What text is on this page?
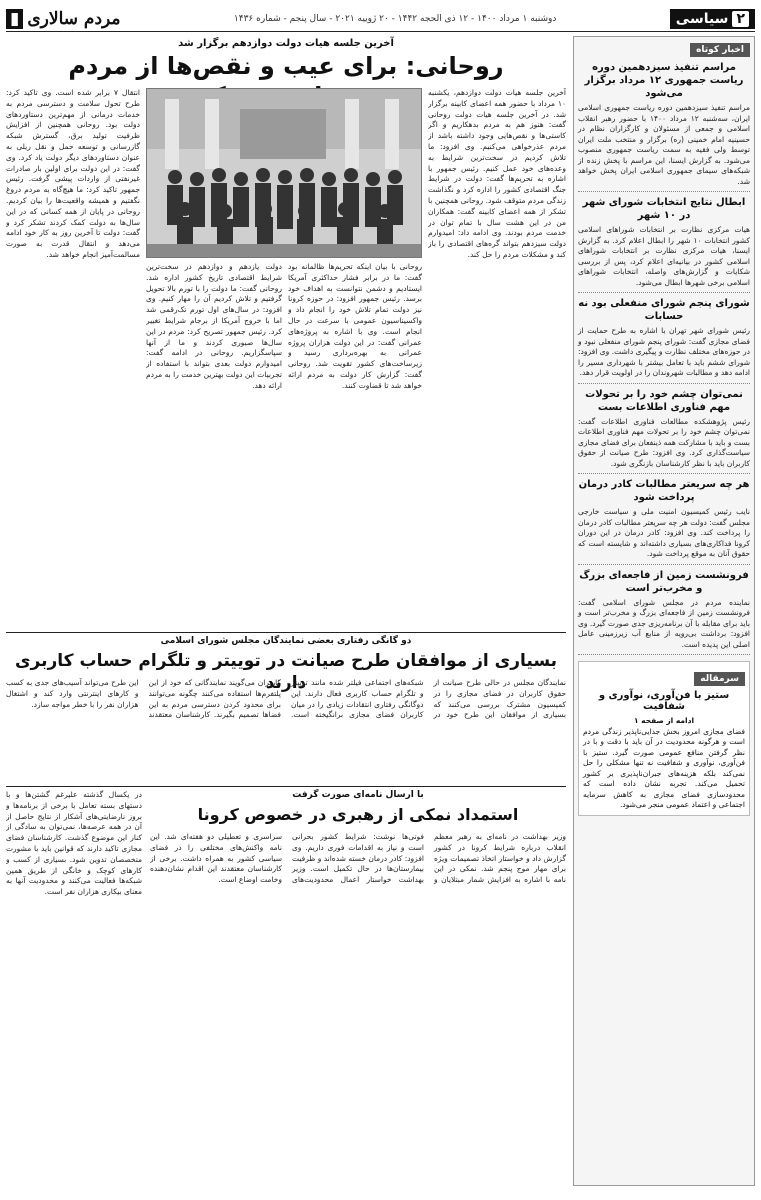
۲
سیاسی
دوشنبه ۱ مرداد ۱۴۰۰ - ۱۲ ذی الحجه ۱۴۴۲ - ۲۰ ژوییه ۲۰۲۱ - سال پنجم - شماره ۱۴۳۶
مردم سالاری
▮
اخبار کوتاه
مراسم تنفیذ سیزدهمین دوره ریاست جمهوری ۱۲ مرداد برگزار می‌شود

مراسم تنفیذ سیزدهمین دوره ریاست جمهوری اسلامی ایران، سه‌شنبه ۱۲ مرداد ۱۴۰۰ با حضور رهبر انقلاب اسلامی و جمعی از مسئولان و کارگزاران نظام در حسینیه امام خمینی (ره) برگزار و منتخب ملت ایران توسط ولی فقیه به سمت ریاست جمهوری منصوب می‌شود. به گزارش ایسنا، این مراسم با پخش زنده از شبکه‌های سیمای جمهوری اسلامی ایران پخش خواهد شد.

ابطال نتایج انتخابات شورای شهر در ۱۰ شهر

هیات مرکزی نظارت بر انتخابات شوراهای اسلامی کشور انتخابات ۱۰ شهر را ابطال اعلام کرد. به گزارش ایسنا، هیات مرکزی نظارت بر انتخابات شوراهای اسلامی کشور در بیانیه‌ای اعلام کرد، پس از بررسی شکایات و گزارش‌های واصله، انتخابات شوراهای اسلامی برخی شهرها ابطال می‌شود.

شورای پنجم شورای منفعلی بود نه حسابات

رئیس شورای شهر تهران با اشاره به طرح حمایت از فضای مجازی گفت: شورای پنجم شورای منفعلی نبود و در حوزه‌های مختلف نظارت و پیگیری داشت. وی افزود: شورای ششم باید با تعامل بیشتر با شهرداری مسیر را ادامه دهد و مطالبات شهروندان را در اولویت قرار دهد.

نمی‌توان چشم خود را بر تحولات مهم فناوری اطلاعات بست

رئیس پژوهشکده مطالعات فناوری اطلاعات گفت: نمی‌توان چشم خود را بر تحولات مهم فناوری اطلاعات بست و باید با مشارکت همه ذینفعان برای فضای مجازی سیاست‌گذاری کرد. وی افزود: طرح صیانت از حقوق کاربران باید با نظر کارشناسان بازنگری شود.

هر چه سریعتر مطالبات کادر درمان پرداخت شود

نایب رئیس کمیسیون امنیت ملی و سیاست خارجی مجلس گفت: دولت هر چه سریعتر مطالبات کادر درمان را پرداخت کند. وی افزود: کادر درمان در این دوران کرونا فداکاری‌های بسیاری داشته‌اند و شایسته است که حقوق آنان به موقع پرداخت شود.

فرونشست زمین از فاجعه‌ای بزرگ و مخرب‌تر است

نماینده مردم در مجلس شورای اسلامی گفت: فرونشست زمین از فاجعه‌ای بزرگ و مخرب‌تر است و باید برای مقابله با آن برنامه‌ریزی جدی صورت گیرد. وی افزود: برداشت بی‌رویه از منابع آب زیرزمینی عامل اصلی این پدیده است.

سرمقاله
ستیز با فن‌آوری، نوآوری و شفافیت

ادامه از صفحه ۱

فضای مجازی امروز بخش جدایی‌ناپذیر زندگی مردم است و هرگونه محدودیت در آن باید با دقت و با در نظر گرفتن منافع عمومی صورت گیرد. ستیز با فن‌آوری، نوآوری و شفافیت نه تنها مشکلی را حل نمی‌کند بلکه هزینه‌های جبران‌ناپذیری بر کشور تحمیل می‌کند. تجربه نشان داده است که محدودسازی فضای مجازی به کاهش سرمایه اجتماعی و اعتماد عمومی منجر می‌شود.

آخرین جلسه هیات دولت دوازدهم برگزار شد
روحانی: برای عیب و نقص‌ها از مردم
آخرین جلسه هیات دولت دوازدهم، یکشنبه ۱۰ مرداد با حضور همه اعضای کابینه برگزار شد. در آخرین جلسه هیات دولت روحانی گفت: هنوز هم به مردم بدهکاریم و اگر کاستی‌ها و نقص‌هایی وجود داشته باشد از مردم عذرخواهی می‌کنیم. وی افزود: ما تلاش کردیم در سخت‌ترین شرایط به وعده‌های خود عمل کنیم. رئیس جمهور با اشاره به تحریم‌ها گفت: دولت در شرایط جنگ اقتصادی کشور را اداره کرد و نگذاشت زندگی مردم متوقف شود. روحانی همچنین با تشکر از همه اعضای کابینه گفت: همکاران من در این هشت سال با تمام توان در خدمت مردم بودند. وی ادامه داد: امیدوارم دولت سیزدهم بتواند گره‌های اقتصادی را باز کند و مشکلات مردم را حل کند.
انتقال ۷ برابر شده است. وی تاکید کرد: طرح تحول سلامت و دسترسی مردم به خدمات درمانی از مهم‌ترین دستاوردهای دولت بود. روحانی همچنین از افزایش ظرفیت تولید برق، گسترش شبکه گازرسانی و توسعه حمل و نقل ریلی به عنوان دستاوردهای دیگر دولت یاد کرد. وی گفت: در این دولت برای اولین بار صادرات غیرنفتی از واردات پیشی گرفت. رئیس جمهور تاکید کرد: ما هیچ‌گاه به مردم دروغ نگفتیم و همیشه واقعیت‌ها را بیان کردیم. روحانی در پایان از همه کسانی که در این سال‌ها به دولت کمک کردند تشکر کرد و گفت: دولت تا آخرین روز به کار خود ادامه می‌دهد و انتقال قدرت به صورت مسالمت‌آمیز انجام خواهد شد.
روحانی با بیان اینکه تحریم‌ها ظالمانه بود گفت: ما در برابر فشار حداکثری آمریکا ایستادیم و دشمن نتوانست به اهداف خود برسد. رئیس جمهور افزود: در حوزه کرونا نیز دولت تمام تلاش خود را انجام داد و واکسیناسیون عمومی با سرعت در حال انجام است. وی با اشاره به پروژه‌های عمرانی گفت: در این دولت هزاران پروژه عمرانی به بهره‌برداری رسید و زیرساخت‌های کشور تقویت شد. روحانی گفت: گزارش کار دولت به مردم ارائه خواهد شد تا قضاوت کنند.
دولت یازدهم و دوازدهم در سخت‌ترین شرایط اقتصادی تاریخ کشور اداره شد. روحانی گفت: ما دولت را با تورم بالا تحویل گرفتیم و تلاش کردیم آن را مهار کنیم. وی افزود: در سال‌های اول تورم تک‌رقمی شد اما با خروج آمریکا از برجام شرایط تغییر کرد. رئیس جمهور تصریح کرد: مردم در این سال‌ها صبوری کردند و ما از آنها سپاسگزاریم. روحانی در ادامه گفت: امیدوارم دولت بعدی بتواند با استفاده از تجربیات این دولت بهترین خدمت را به مردم ارائه دهد.
دو گانگی رفتاری بعضی نمایندگان مجلس شورای اسلامی
بسیاری از موافقان طرح صیانت در توییتر و تلگرام حساب کاربری دارند	نمایندگان مجلس در حالی طرح صیانت از حقوق کاربران در فضای مجازی را در کمیسیون مشترک بررسی می‌کنند که بسیاری از موافقان این طرح خود در شبکه‌های اجتماعی فیلتر شده مانند توییتر و تلگرام حساب کاربری فعال دارند. این دوگانگی رفتاری انتقادات زیادی را در میان کاربران فضای مجازی برانگیخته است. کاربران می‌گویند نمایندگانی که خود از این پلتفرم‌ها استفاده می‌کنند چگونه می‌توانند برای محدود کردن دسترسی مردم به این فضاها تصمیم بگیرند. کارشناسان معتقدند این طرح می‌تواند آسیب‌های جدی به کسب و کارهای اینترنتی وارد کند و اشتغال هزاران نفر را با خطر مواجه سازد.
با ارسال نامه‌ای صورت گرفت
استمداد نمکی از رهبری در خصوص کرونا
وزیر بهداشت در نامه‌ای به رهبر معظم انقلاب درباره شرایط کرونا در کشور گزارش داد و خواستار اتخاذ تصمیمات ویژه برای مهار موج پنجم شد. نمکی در این نامه با اشاره به افزایش شمار مبتلایان و فوتی‌ها نوشت: شرایط کشور بحرانی است و نیاز به اقدامات فوری داریم. وی افزود: کادر درمان خسته شده‌اند و ظرفیت بیمارستان‌ها در حال تکمیل است. وزیر بهداشت خواستار اعمال محدودیت‌های سراسری و تعطیلی دو هفته‌ای شد. این نامه واکنش‌های مختلفی را در فضای سیاسی کشور به همراه داشت. برخی از کارشناسان معتقدند این اقدام نشان‌دهنده وخامت اوضاع است.
در یکسال گذشته علیرغم گشتن‌ها و با دستهای بسته تعامل با برخی از برنامه‌ها و بروز نارضایتی‌های آشکار از نتایج حاصل از آن در همه عرصه‌ها، نمی‌توان به سادگی از کنار این موضوع گذشت. کارشناسان فضای مجازی تاکید دارند که قوانین باید با مشورت متخصصان تدوین شود. بسیاری از کسب و کارهای کوچک و خانگی از طریق همین شبکه‌ها فعالیت می‌کنند و محدودیت آنها به معنای بیکاری هزاران نفر است.
